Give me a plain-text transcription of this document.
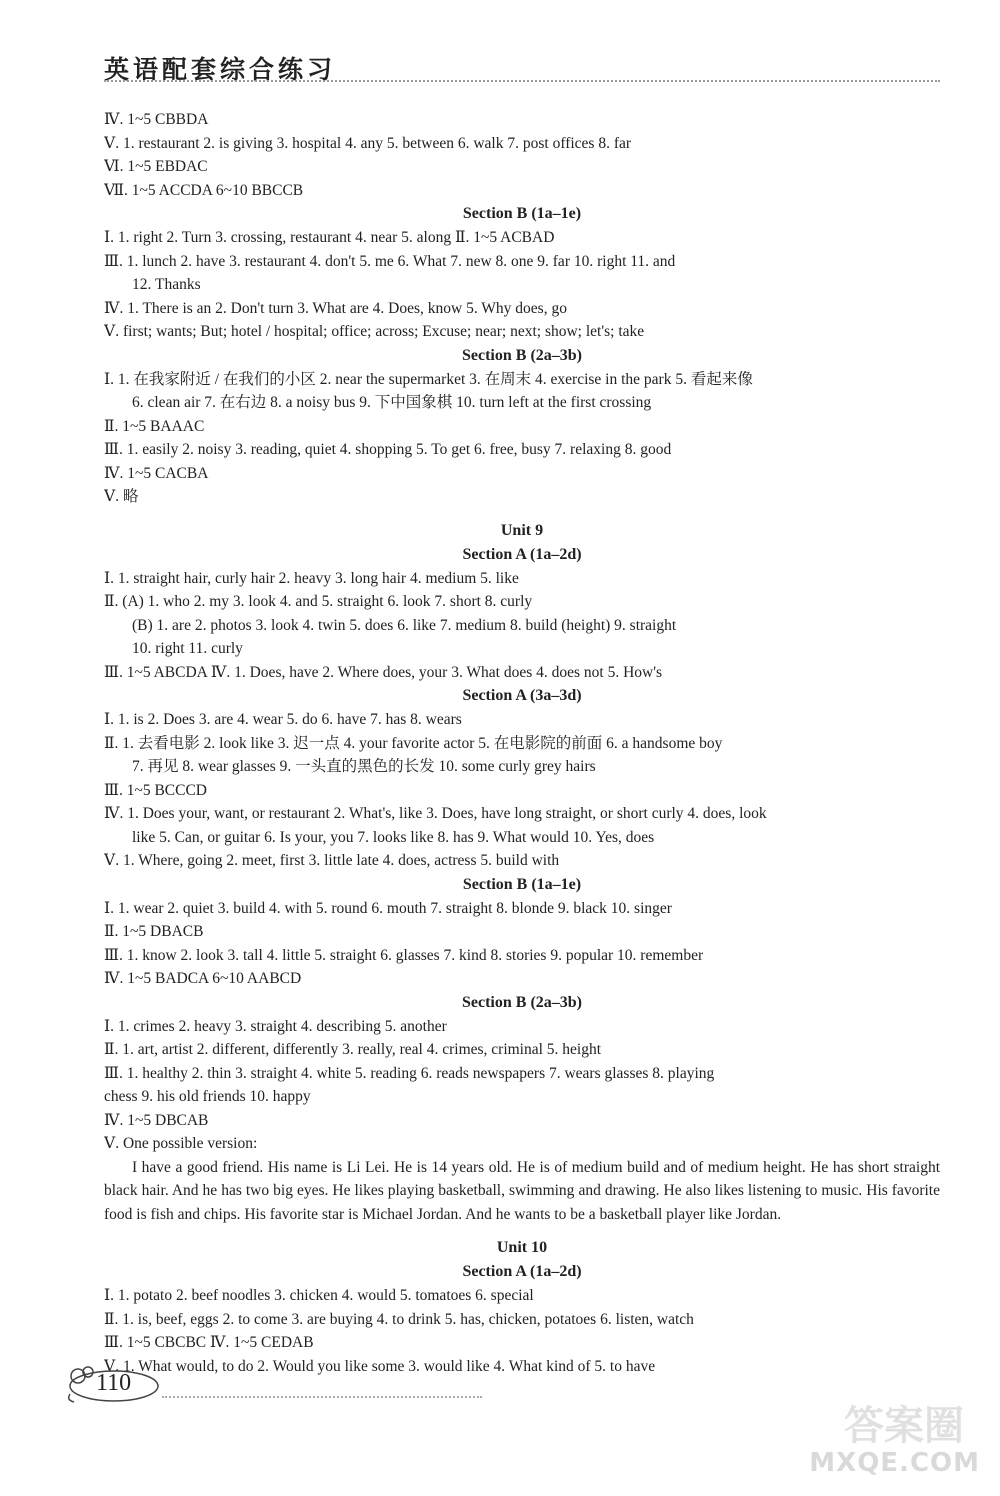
英语配套综合练习
Ⅳ. 1~5 CBBDA
Ⅴ. 1. restaurant 2. is giving 3. hospital 4. any 5. between 6. walk 7. post offices 8. far
Ⅵ. 1~5 EBDAC
Ⅶ. 1~5 ACCDA 6~10 BBCCB
Section B (1a–1e)
Ⅰ. 1. right 2. Turn 3. crossing, restaurant 4. near 5. along Ⅱ. 1~5 ACBAD
Ⅲ. 1. lunch 2. have 3. restaurant 4. don't 5. me 6. What 7. new 8. one 9. far 10. right 11. and
12. Thanks
Ⅳ. 1. There is an 2. Don't turn 3. What are 4. Does, know 5. Why does, go
Ⅴ. first; wants; But; hotel / hospital; office; across; Excuse; near; next; show; let's; take
Section B (2a–3b)
Ⅰ. 1. 在我家附近 / 在我们的小区 2. near the supermarket 3. 在周末 4. exercise in the park 5. 看起来像
6. clean air 7. 在右边 8. a noisy bus 9. 下中国象棋 10. turn left at the first crossing
Ⅱ. 1~5 BAAAC
Ⅲ. 1. easily 2. noisy 3. reading, quiet 4. shopping 5. To get 6. free, busy 7. relaxing 8. good
Ⅳ. 1~5 CACBA
Ⅴ. 略
Unit 9
Section A (1a–2d)
Ⅰ. 1. straight hair, curly hair 2. heavy 3. long hair 4. medium 5. like
Ⅱ. (A) 1. who 2. my 3. look 4. and 5. straight 6. look 7. short 8. curly
(B) 1. are 2. photos 3. look 4. twin 5. does 6. like 7. medium 8. build (height) 9. straight
10. right 11. curly
Ⅲ. 1~5 ABCDA Ⅳ. 1. Does, have 2. Where does, your 3. What does 4. does not 5. How's
Section A (3a–3d)
Ⅰ. 1. is 2. Does 3. are 4. wear 5. do 6. have 7. has 8. wears
Ⅱ. 1. 去看电影 2. look like 3. 迟一点 4. your favorite actor 5. 在电影院的前面 6. a handsome boy
7. 再见 8. wear glasses 9. 一头直的黑色的长发 10. some curly grey hairs
Ⅲ. 1~5 BCCCD
Ⅳ. 1. Does your, want, or restaurant 2. What's, like 3. Does, have long straight, or short curly 4. does, look
like 5. Can, or guitar 6. Is your, you 7. looks like 8. has 9. What would 10. Yes, does
Ⅴ. 1. Where, going 2. meet, first 3. little late 4. does, actress 5. build with
Section B (1a–1e)
Ⅰ. 1. wear 2. quiet 3. build 4. with 5. round 6. mouth 7. straight 8. blonde 9. black 10. singer
Ⅱ. 1~5 DBACB
Ⅲ. 1. know 2. look 3. tall 4. little 5. straight 6. glasses 7. kind 8. stories 9. popular 10. remember
Ⅳ. 1~5 BADCA 6~10 AABCD
Section B (2a–3b)
Ⅰ. 1. crimes 2. heavy 3. straight 4. describing 5. another
Ⅱ. 1. art, artist 2. different, differently 3. really, real 4. crimes, criminal 5. height
Ⅲ. 1. healthy 2. thin 3. straight 4. white 5. reading 6. reads newspapers 7. wears glasses 8. playing
chess 9. his old friends 10. happy
Ⅳ. 1~5 DBCAB
Ⅴ. One possible version:
I have a good friend. His name is Li Lei. He is 14 years old. He is of medium build and of medium height. He has short straight black hair. And he has two big eyes. He likes playing basketball, swimming and drawing. He also likes listening to music. His favorite food is fish and chips. His favorite star is Michael Jordan. And he wants to be a basketball player like Jordan.
Unit 10
Section A (1a–2d)
Ⅰ. 1. potato 2. beef noodles 3. chicken 4. would 5. tomatoes 6. special
Ⅱ. 1. is, beef, eggs 2. to come 3. are buying 4. to drink 5. has, chicken, potatoes 6. listen, watch
Ⅲ. 1~5 CBCBC Ⅳ. 1~5 CEDAB
Ⅴ. 1. What would, to do 2. Would you like some 3. would like 4. What kind of 5. to have
110
答案圈
MXQE.COM
